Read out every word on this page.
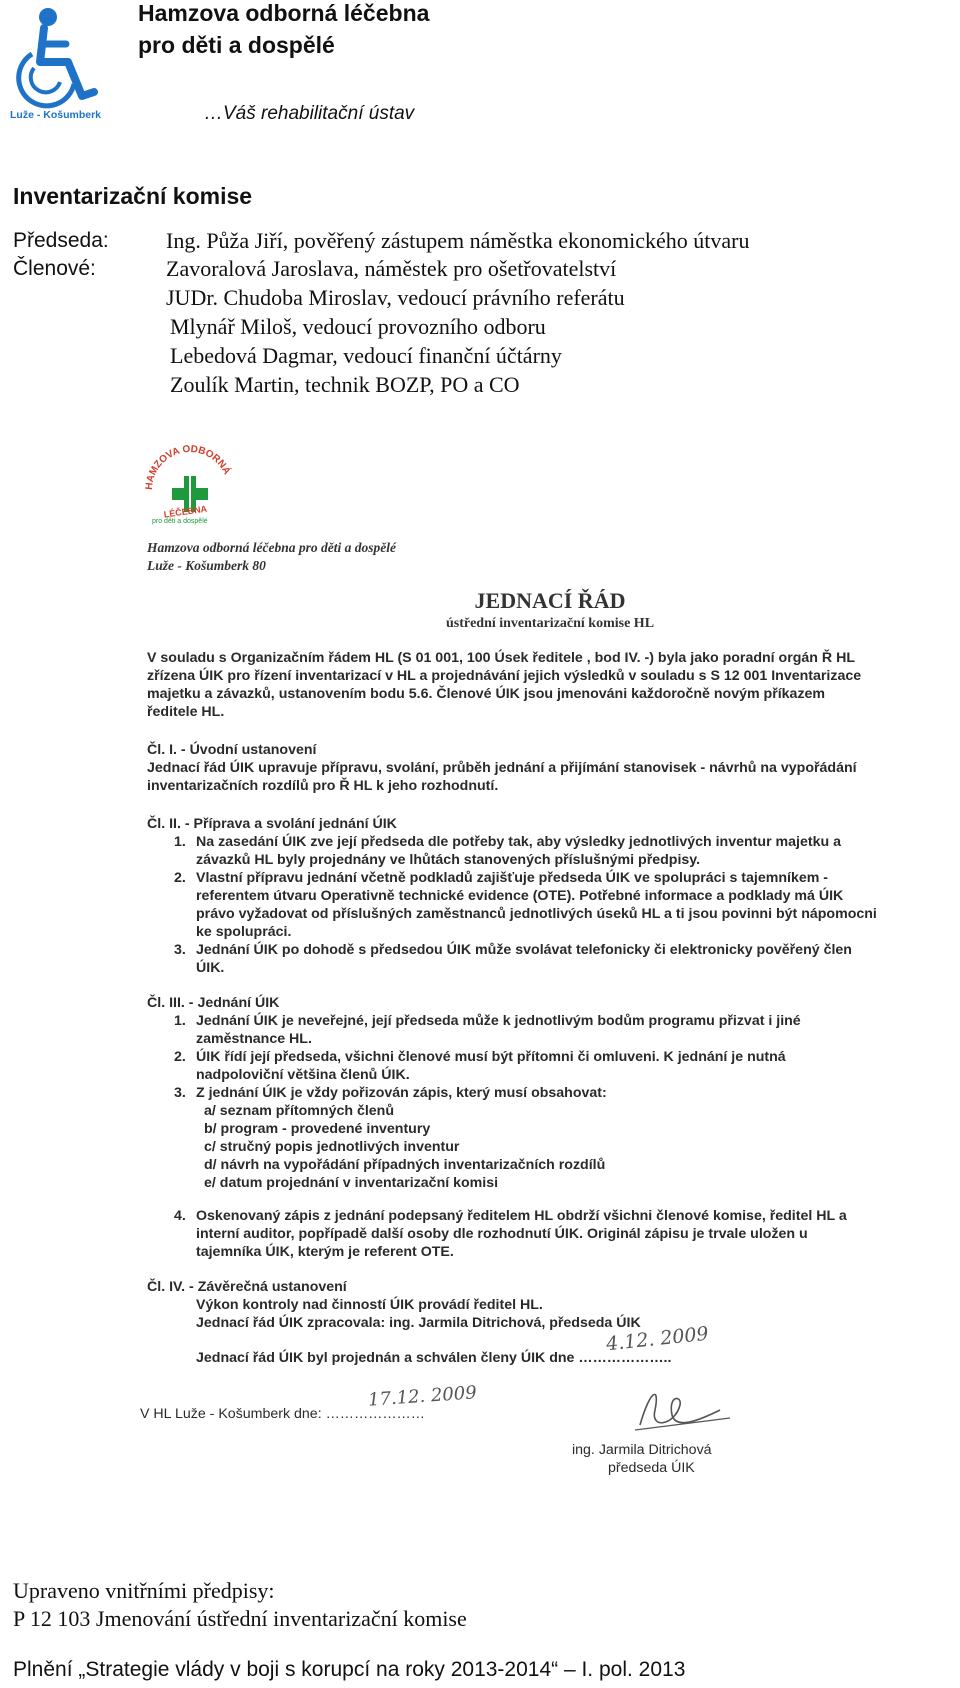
Luže - Košumberk
Hamzova odborná léčebna
pro děti a dospělé
…Váš rehabilitační ústav
Inventarizační komise
Předseda:
Členové:
Ing. Půža Jiří, pověřený zástupem náměstka ekonomického útvaru
Zavoralová Jaroslava, náměstek pro ošetřovatelství
JUDr. Chudoba Miroslav, vedoucí právního referátu
Mlynář Miloš, vedoucí provozního odboru
Lebedová Dagmar, vedoucí finanční účtárny
Zoulík Martin, technik BOZP, PO a CO
HAMZOVA ODBORNÁ
LÉČEBNA
pro děti a dospělé
Hamzova odborná léčebna pro děti a dospělé
Luže - Košumberk 80
JEDNACÍ ŘÁD
ústřední inventarizační komise HL
V souladu s Organizačním řádem HL (S 01 001, 100 Úsek ředitele , bod IV. -) byla jako poradní orgán Ř HL
zřízena ÚIK pro řízení inventarizací v HL a projednávání jejich výsledků v souladu s S 12 001 Inventarizace
majetku a závazků, ustanovením bodu 5.6. Členové ÚIK jsou jmenováni každoročně novým příkazem
ředitele HL.
Čl. I. - Úvodní ustanovení
Jednací řád ÚIK upravuje přípravu, svolání, průběh jednání a přijímání stanovisek - návrhů na vypořádání
inventarizačních rozdílů pro Ř HL k jeho rozhodnutí.
Čl. II. - Příprava a svolání jednání ÚIK
1. Na zasedání ÚIK zve její předseda dle potřeby tak, aby výsledky jednotlivých inventur majetku a
závazků HL byly projednány ve lhůtách stanovených příslušnými předpisy.
2. Vlastní přípravu jednání včetně podkladů zajišťuje předseda ÚIK ve spolupráci s tajemníkem -
referentem útvaru Operativně technické evidence (OTE). Potřebné informace a podklady má ÚIK
právo vyžadovat od příslušných zaměstnanců jednotlivých úseků HL a ti jsou povinni být nápomocni
ke spolupráci.
3. Jednání ÚIK po dohodě s předsedou ÚIK může svolávat telefonicky či elektronicky pověřený člen
ÚIK.
Čl. III. - Jednání ÚIK
1. Jednání ÚIK je neveřejné, její předseda může k jednotlivým bodům programu přizvat i jiné
zaměstnance HL.
2. ÚIK řídí její předseda, všichni členové musí být přítomni či omluveni. K jednání je nutná
nadpoloviční většina členů ÚIK.
3. Z jednání ÚIK je vždy pořizován zápis, který musí obsahovat:
a/ seznam přítomných členů
b/ program - provedené inventury
c/ stručný popis jednotlivých inventur
d/ návrh na vypořádání případných inventarizačních rozdílů
e/ datum projednání v inventarizační komisi
4. Oskenovaný zápis z jednání podepsaný ředitelem HL obdrží všichni členové komise, ředitel HL a
interní auditor, popřípadě další osoby dle rozhodnutí ÚIK. Originál zápisu je trvale uložen u
tajemníka ÚIK, kterým je referent OTE.
Čl. IV. - Závěrečná ustanovení
Výkon kontroly nad činností ÚIK provádí ředitel HL.
Jednací řád ÚIK zpracovala: ing. Jarmila Ditrichová, předseda ÚIK
Jednací řád ÚIK byl projednán a schválen členy ÚIK dne ………………..
4.12. 2009
V HL Luže - Košumberk dne: …………………
17.12. 2009
ing. Jarmila Ditrichová
předseda ÚIK
Upraveno vnitřními předpisy:
P 12 103 Jmenování ústřední inventarizační komise
Plnění „Strategie vlády v boji s korupcí na roky 2013-2014“ – I. pol. 2013
